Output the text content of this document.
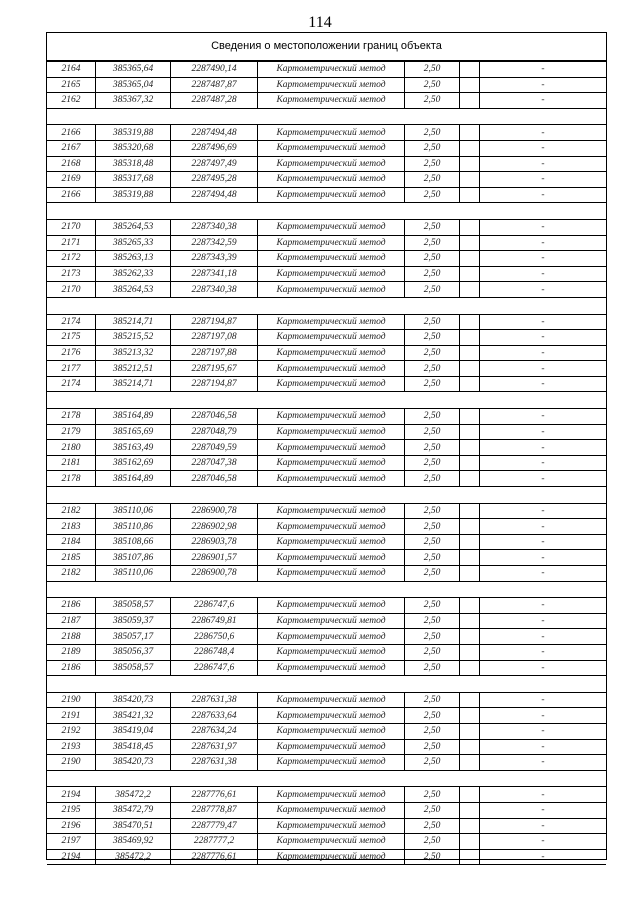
114
Сведения о местоположении границ объекта
2164	385365,64	2287490,14	Картометрический метод	2,50		-
2165	385365,04	2287487,87	Картометрический метод	2,50		-
2162	385367,32	2287487,28	Картометрический метод	2,50		-
2166	385319,88	2287494,48	Картометрический метод	2,50		-
2167	385320,68	2287496,69	Картометрический метод	2,50		-
2168	385318,48	2287497,49	Картометрический метод	2,50		-
2169	385317,68	2287495,28	Картометрический метод	2,50		-
2166	385319,88	2287494,48	Картометрический метод	2,50		-
2170	385264,53	2287340,38	Картометрический метод	2,50		-
2171	385265,33	2287342,59	Картометрический метод	2,50		-
2172	385263,13	2287343,39	Картометрический метод	2,50		-
2173	385262,33	2287341,18	Картометрический метод	2,50		-
2170	385264,53	2287340,38	Картометрический метод	2,50		-
2174	385214,71	2287194,87	Картометрический метод	2,50		-
2175	385215,52	2287197,08	Картометрический метод	2,50		-
2176	385213,32	2287197,88	Картометрический метод	2,50		-
2177	385212,51	2287195,67	Картометрический метод	2,50		-
2174	385214,71	2287194,87	Картометрический метод	2,50		-
2178	385164,89	2287046,58	Картометрический метод	2,50		-
2179	385165,69	2287048,79	Картометрический метод	2,50		-
2180	385163,49	2287049,59	Картометрический метод	2,50		-
2181	385162,69	2287047,38	Картометрический метод	2,50		-
2178	385164,89	2287046,58	Картометрический метод	2,50		-
2182	385110,06	2286900,78	Картометрический метод	2,50		-
2183	385110,86	2286902,98	Картометрический метод	2,50		-
2184	385108,66	2286903,78	Картометрический метод	2,50		-
2185	385107,86	2286901,57	Картометрический метод	2,50		-
2182	385110,06	2286900,78	Картометрический метод	2,50		-
2186	385058,57	2286747,6	Картометрический метод	2,50		-
2187	385059,37	2286749,81	Картометрический метод	2,50		-
2188	385057,17	2286750,6	Картометрический метод	2,50		-
2189	385056,37	2286748,4	Картометрический метод	2,50		-
2186	385058,57	2286747,6	Картометрический метод	2,50		-
2190	385420,73	2287631,38	Картометрический метод	2,50		-
2191	385421,32	2287633,64	Картометрический метод	2,50		-
2192	385419,04	2287634,24	Картометрический метод	2,50		-
2193	385418,45	2287631,97	Картометрический метод	2,50		-
2190	385420,73	2287631,38	Картометрический метод	2,50		-
2194	385472,2	2287776,61	Картометрический метод	2,50		-
2195	385472,79	2287778,87	Картометрический метод	2,50		-
2196	385470,51	2287779,47	Картометрический метод	2,50		-
2197	385469,92	2287777,2	Картометрический метод	2,50		-
2194	385472,2	2287776,61	Картометрический метод	2,50		-
